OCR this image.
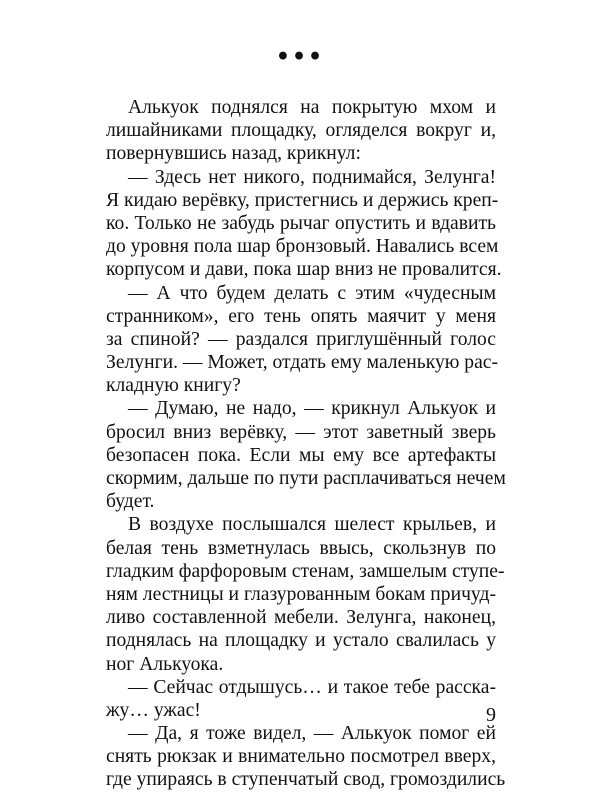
•••
Алькуок поднялся на покрытую мхом и
лишайниками площадку, огляделся вокруг и,
повернувшись назад, крикнул:
— Здесь нет никого, поднимайся, Зелунга!
Я кидаю верёвку, пристегнись и держись креп-
ко. Только не забудь рычаг опустить и вдавить
до уровня пола шар бронзовый. Навались всем
корпусом и дави, пока шар вниз не провалится.
— А что будем делать с этим «чудесным
странником», его тень опять маячит у меня
за спиной? — раздался приглушённый голос
Зелунги. — Может, отдать ему маленькую рас-
кладную книгу?
— Думаю, не надо, — крикнул Алькуок и
бросил вниз верёвку, — этот заветный зверь
безопасен пока. Если мы ему все артефакты
скормим, дальше по пути расплачиваться нечем
будет.
В воздухе послышался шелест крыльев, и
белая тень взметнулась ввысь, скользнув по
гладким фарфоровым стенам, замшелым ступе-
ням лестницы и глазурованным бокам причуд-
ливо составленной мебели. Зелунга, наконец,
поднялась на площадку и устало свалилась у
ног Алькуока.
— Сейчас отдышусь… и такое тебе расска-
жу… ужас!
— Да, я тоже видел, — Алькуок помог ей
снять рюкзак и внимательно посмотрел вверх,
где упираясь в ступенчатый свод, громоздились
9
